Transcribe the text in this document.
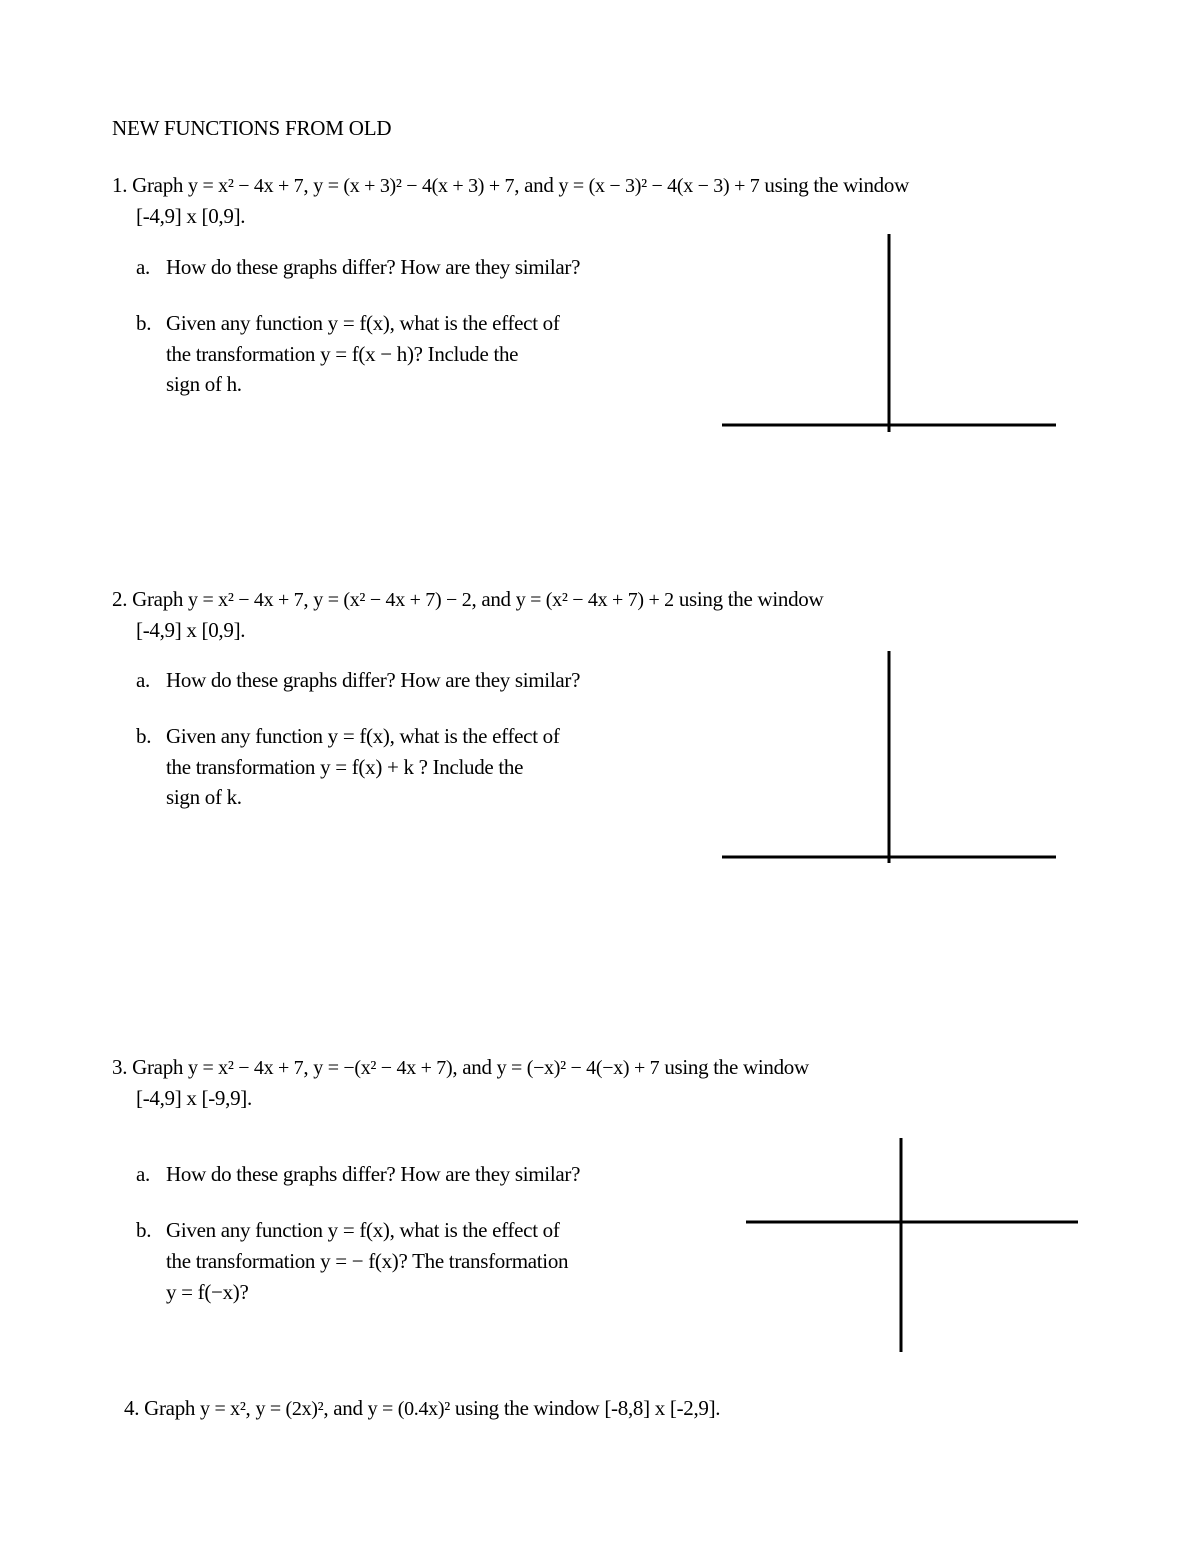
NEW FUNCTIONS FROM OLD
1. Graph y = x² − 4x + 7, y = (x + 3)² − 4(x + 3) + 7, and y = (x − 3)² − 4(x − 3) + 7 using the window
[-4,9] x [0,9].
a. How do these graphs differ? How are they similar?
b. Given any function y = f(x), what is the effect of
the transformation y = f(x − h)? Include the
sign of h.
2. Graph y = x² − 4x + 7, y = (x² − 4x + 7) − 2, and y = (x² − 4x + 7) + 2 using the window
[-4,9] x [0,9].
a. How do these graphs differ? How are they similar?
b. Given any function y = f(x), what is the effect of
the transformation y = f(x) + k ? Include the
sign of k.
3. Graph y = x² − 4x + 7, y = −(x² − 4x + 7), and y = (−x)² − 4(−x) + 7 using the window
[-4,9] x [-9,9].
a. How do these graphs differ? How are they similar?
b. Given any function y = f(x), what is the effect of
the transformation y = − f(x)? The transformation
y = f(−x)?
4. Graph y = x², y = (2x)², and y = (0.4x)² using the window [-8,8] x [-2,9].
